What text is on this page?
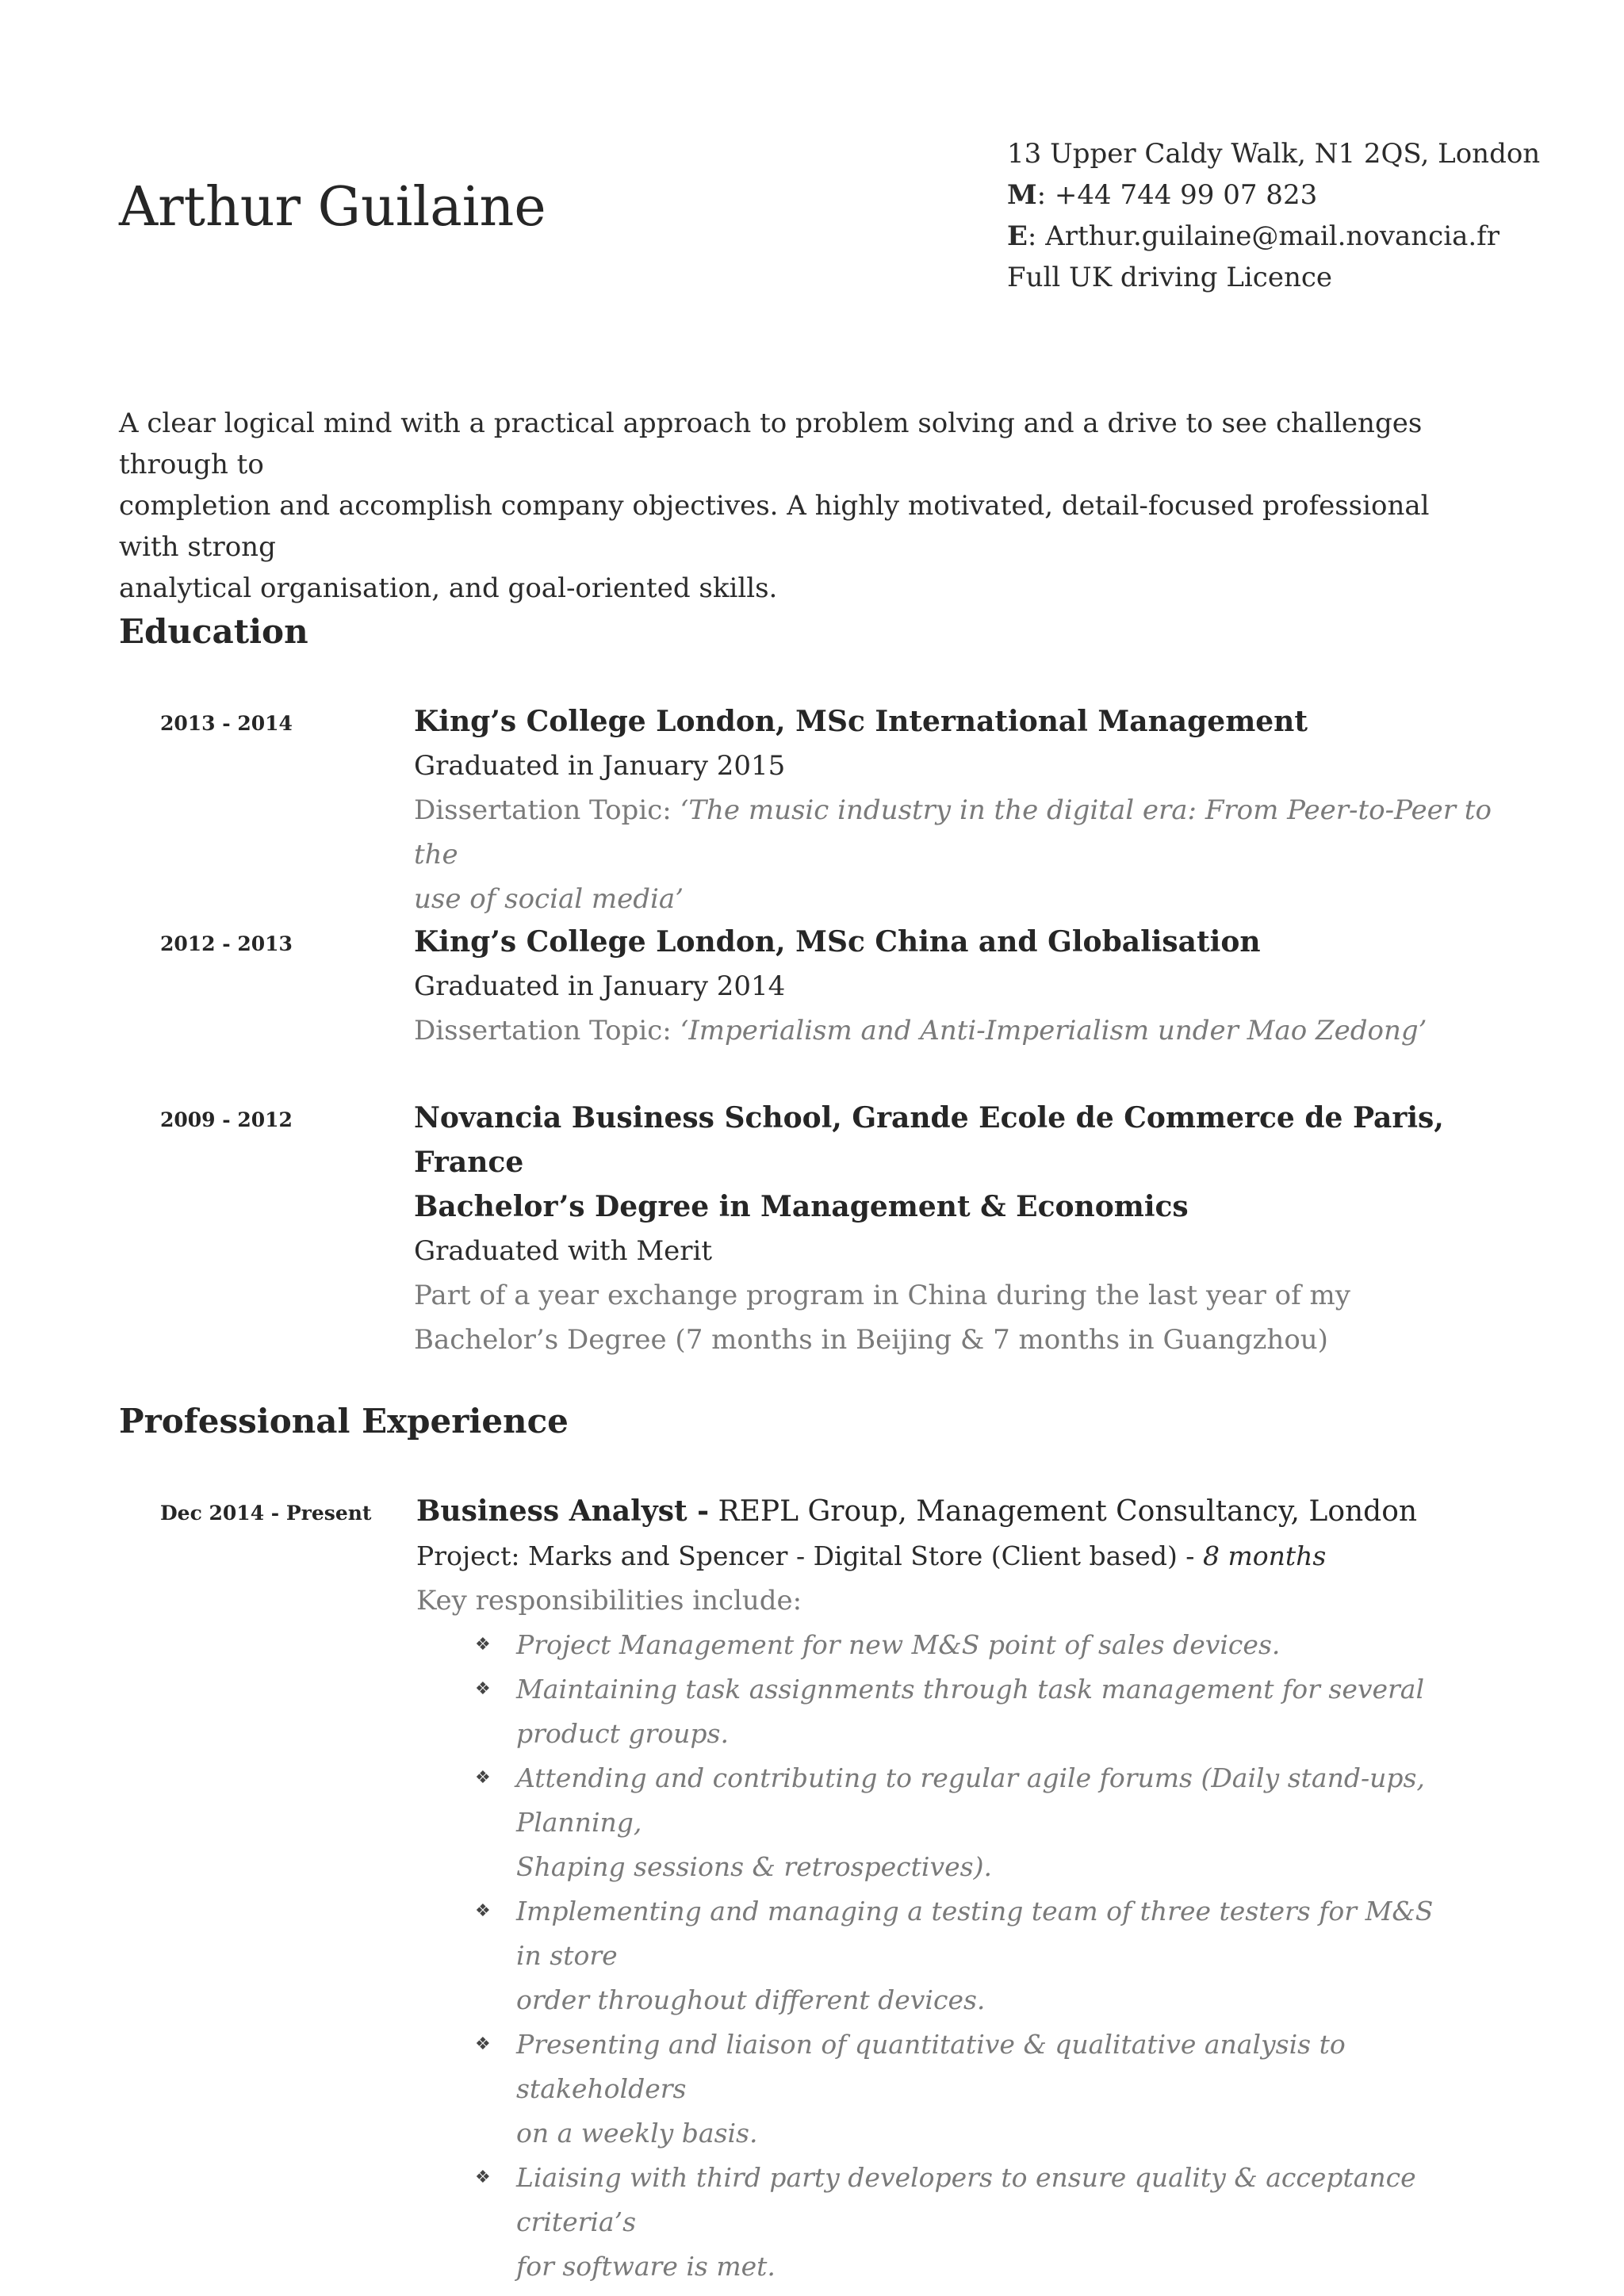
Arthur Guilaine
13 Upper Caldy Walk, N1 2QS, London
M: +44 744 99 07 823
E: Arthur.guilaine@mail.novancia.fr
Full UK driving Licence
A clear logical mind with a practical approach to problem solving and a drive to see challenges through to
completion and accomplish company objectives. A highly motivated, detail-focused professional with strong
analytical organisation, and goal-oriented skills.
Education
2013 - 2014	King’s College London, MSc International Management
Graduated in January 2015
Dissertation Topic: ‘The music industry in the digital era: From Peer-to-Peer to the
use of social media’
2012 - 2013	King’s College London, MSc China and Globalisation
Graduated in January 2014
Dissertation Topic: ‘Imperialism and Anti-Imperialism under Mao Zedong’
2009 - 2012	Novancia Business School, Grande Ecole de Commerce de Paris, France
Bachelor’s Degree in Management & Economics
Graduated with Merit
Part of a year exchange program in China during the last year of my
Bachelor’s Degree (7 months in Beijing & 7 months in Guangzhou)
Professional Experience
Dec 2014 - Present Business Analyst - REPL Group, Management Consultancy, London
Project: Marks and Spencer - Digital Store (Client based) - 8 months
Key responsibilities include:
❖ Project Management for new M&S point of sales devices.
❖ Maintaining task assignments through task management for several
product groups.
❖ Attending and contributing to regular agile forums (Daily stand-ups, Planning,
Shaping sessions & retrospectives).
❖ Implementing and managing a testing team of three testers for M&S in store
order throughout different devices.
❖ Presenting and liaison of quantitative & qualitative analysis to stakeholders
on a weekly basis.
❖ Liaising with third party developers to ensure quality & acceptance criteria’s
for software is met.
